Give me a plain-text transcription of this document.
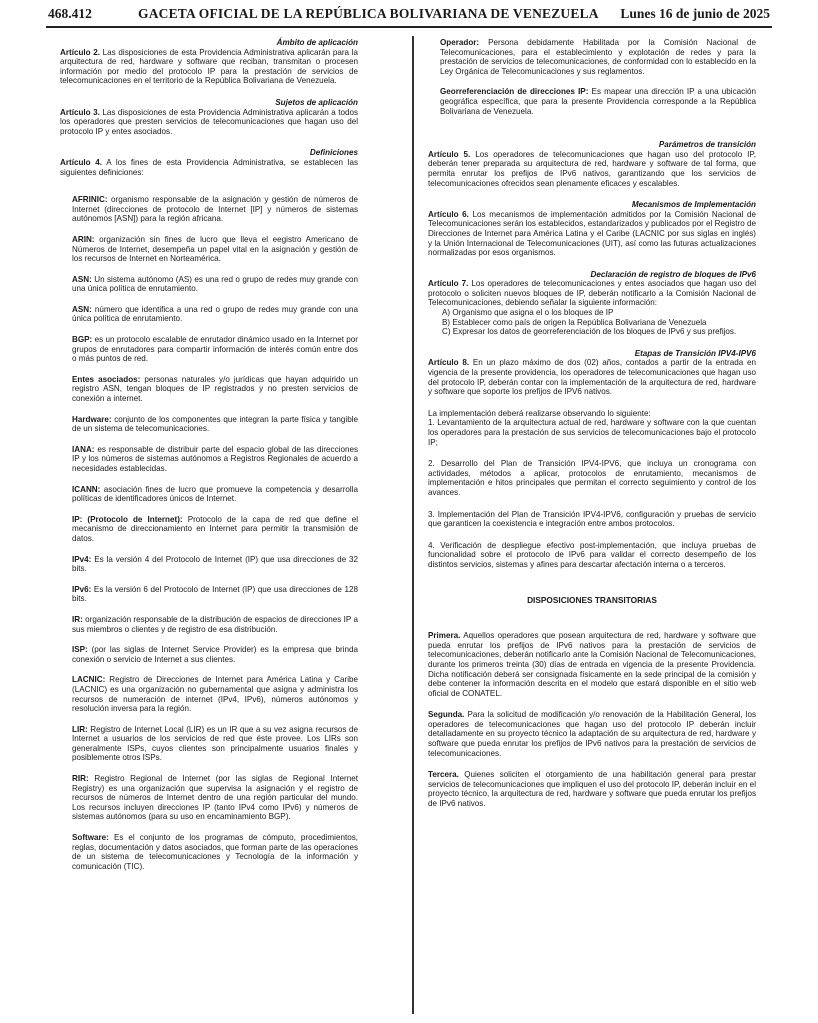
468.412	GACETA OFICIAL DE LA REPÚBLICA BOLIVARIANA DE VENEZUELA Lunes 16 de junio de 2025
Ámbito de aplicación

Artículo 2. Las disposiciones de esta Providencia Administrativa aplicarán para la arquitectura de red, hardware y software que reciban, transmitan o procesen información por medio del protocolo IP para la prestación de servicios de telecomunicaciones en el territorio de la República Bolivariana de Venezuela.

Sujetos de aplicación

Artículo 3. Las disposiciones de esta Providencia Administrativa aplicarán a todos los operadores que presten servicios de telecomunicaciones que hagan uso del protocolo IP y entes asociados.

Definiciones

Artículo 4. A los fines de esta Providencia Administrativa, se establecen las siguientes definiciones:

AFRINIC: organismo responsable de la asignación y gestión de números de Internet (direcciones de protocolo de Internet [IP] y números de sistemas autónomos [ASN]) para la región africana.
ARIN: organización sin fines de lucro que lleva el eegistro Americano de Números de Internet, desempeña un papel vital en la asignación y gestión de los recursos de Internet en Norteamérica.
ASN: Un sistema autónomo (AS) es una red o grupo de redes muy grande con una única política de enrutamiento.
ASN: número que identifica a una red o grupo de redes muy grande con una única política de enrutamiento.
BGP: es un protocolo escalable de enrutador dinámico usado en la Internet por grupos de enrutadores para compartir información de interés común entre dos o más puntos de red.
Entes asociados: personas naturales y/o jurídicas que hayan adquirido un registro ASN, tengan bloques de IP registrados y no presten servicios de conexión a internet.
Hardware: conjunto de los componentes que integran la parte física y tangible de un sistema de telecomunicaciones.
IANA: es responsable de distribuir parte del espacio global de las direcciones IP y los números de sistemas autónomos a Registros Regionales de acuerdo a necesidades establecidas.
ICANN: asociación fines de lucro que promueve la competencia y desarrolla políticas de identificadores únicos de Internet.
IP: (Protocolo de Internet): Protocolo de la capa de red que define el mecanismo de direccionamiento en Internet para permitir la transmisión de datos.
IPv4: Es la versión 4 del Protocolo de Internet (IP) que usa direcciones de 32 bits.
IPv6: Es la versión 6 del Protocolo de Internet (IP) que usa direcciones de 128 bits.
IR: organización responsable de la distribución de espacios de direcciones IP a sus miembros o clientes y de registro de esa distribución.
ISP: (por las siglas de Internet Service Provider) es la empresa que brinda conexión o servicio de Internet a sus clientes.
LACNIC: Registro de Direcciones de Internet para América Latina y Caribe (LACNIC) es una organización no gubernamental que asigna y administra los recursos de numeración de internet (IPv4, IPv6), números autónomos y resolución inversa para la región.
LIR: Registro de Internet Local (LIR) es un IR que a su vez asigna recursos de Internet a usuarios de los servicios de red que éste provee. Los LIRs son generalmente ISPs, cuyos clientes son principalmente usuarios finales y posiblemente otros ISPs.
RIR: Registro Regional de Internet (por las siglas de Regional Internet Registry) es una organización que supervisa la asignación y el registro de recursos de números de Internet dentro de una región particular del mundo. Los recursos incluyen direcciones IP (tanto IPv4 como IPv6) y números de sistemas autónomos (para su uso en encaminamiento BGP).
Software: Es el conjunto de los programas de cómputo, procedimientos, reglas, documentación y datos asociados, que forman parte de las operaciones de un sistema de telecomunicaciones y Tecnología de la información y comunicación (TIC).
Operador: Persona debidamente Habilitada por la Comisión Nacional de Telecomunicaciones, para el establecimiento y explotación de redes y para la prestación de servicios de telecomunicaciones, de conformidad con lo establecido en la Ley Orgánica de Telecomunicaciones y sus reglamentos.
Georreferenciación de direcciones IP: Es mapear una dirección IP a una ubicación geográfica específica, que para la presente Providencia corresponde a la República Bolivariana de Venezuela.
Parámetros de transición

Artículo 5. Los operadores de telecomunicaciones que hagan uso del protocolo IP, deberán tener preparada su arquitectura de red, hardware y software de tal forma, que permita enrutar los prefijos de IPv6 nativos, garantizando que los servicios de telecomunicaciones ofrecidos sean plenamente eficaces y escalables.

Mecanismos de Implementación

Artículo 6. Los mecanismos de implementación admitidos por la Comisión Nacional de Telecomunicaciones serán los establecidos, estandarizados y publicados por el Registro de Direcciones de Internet para América Latina y el Caribe (LACNIC por sus siglas en inglés) y la Unión Internacional de Telecomunicaciones (UIT), así como las futuras actualizaciones normalizadas por esos organismos.

Declaración de registro de bloques de IPv6

Artículo 7. Los operadores de telecomunicaciones y entes asociados que hagan uso del protocolo o soliciten nuevos bloques de IP, deberán notificarlo a la Comisión Nacional de Telecomunicaciones, debiendo señalar la siguiente información:

A) Organismo que asigna el o los bloques de IP
B) Establecer como país de origen la República Bolivariana de Venezuela
C) Expresar los datos de georreferenciación de los bloques de IPv6 y sus prefijos.
Etapas de Transición IPV4-IPV6

Artículo 8. En un plazo máximo de dos (02) años, contados a partir de la entrada en vigencia de la presente providencia, los operadores de telecomunicaciones que hagan uso del protocolo IP, deberán contar con la implementación de la arquitectura de red, hardware y software que soporte los prefijos de IPV6 nativos.

La implementación deberá realizarse observando lo siguiente:

1. Levantamiento de la arquitectura actual de red, hardware y software con la que cuentan los operadores para la prestación de sus servicios de telecomunicaciones bajo el protocolo IP;

2. Desarrollo del Plan de Transición IPV4-IPV6, que incluya un cronograma con actividades, métodos a aplicar, protocolos de enrutamiento, mecanismos de implementación e hitos principales que permitan el correcto seguimiento y control de los avances.

3. Implementación del Plan de Transición IPV4-IPV6, configuración y pruebas de servicio que garanticen la coexistencia e integración entre ambos protocolos.

4. Verificación de despliegue efectivo post-implementación, que incluya pruebas de funcionalidad sobre el protocolo de IPv6 para validar el correcto desempeño de los distintos servicios, sistemas y afines para descartar afectación interna o a terceros.

DISPOSICIONES TRANSITORIAS

Primera. Aquellos operadores que posean arquitectura de red, hardware y software que pueda enrutar los prefijos de IPv6 nativos para la prestación de servicios de telecomunicaciones, deberán notificarlo ante la Comisión Nacional de Telecomunicaciones, durante los primeros treinta (30) días de entrada en vigencia de la presente Providencia. Dicha notificación deberá ser consignada físicamente en la sede principal de la comisión y debe contener la información descrita en el modelo que estará disponible en el sitio web oficial de CONATEL.

Segunda. Para la solicitud de modificación y/o renovación de la Habilitación General, los operadores de telecomunicaciones que hagan uso del protocolo IP deberán incluir detalladamente en su proyecto técnico la adaptación de su arquitectura de red, hardware y software que pueda enrutar los prefijos de IPv6 nativos para la prestación de servicios de telecomunicaciones.

Tercera. Quienes soliciten el otorgamiento de una habilitación general para prestar servicios de telecomunicaciones que impliquen el uso del protocolo IP, deberán incluir en el proyecto técnico, la arquitectura de red, hardware y software que pueda enrutar los prefijos de IPv6 nativos.
